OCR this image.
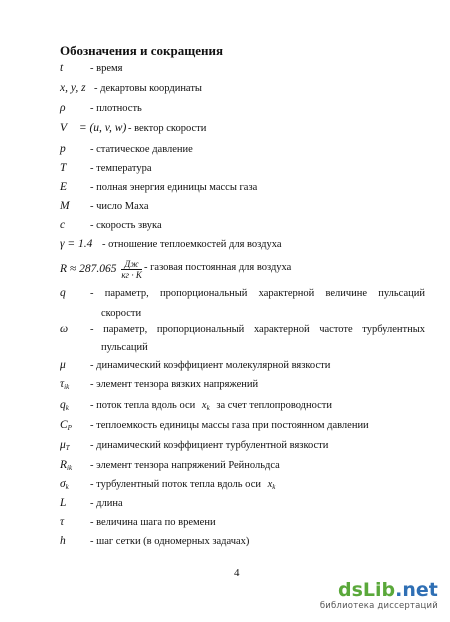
Обозначения и сокращения
t	- время
x, y, z - декартовы координаты
ρ - плотность
V⃗ = (u, v, w) - вектор скорости
p - статическое давление
T - температура
E - полная энергия единицы массы газа
M - число Маха
c - скорость звука
γ = 1.4 - отношение теплоемкостей для воздуха
$R \approx 287.065 \frac{Дж}{кг \cdot K}$ - газовая постоянная для воздуха
q - параметр, пропорциональный характерной величине пульсаций
скорости
ω - параметр, пропорциональный характерной частоте турбулентных
пульсаций
μ - динамический коэффициент молекулярной вязкости
$\tau_{ik}$ - элемент тензора вязких напряжений
$q_k$ - поток тепла вдоль оси $x_k$ за счет теплопроводности
$C_P$ - теплоемкость единицы массы газа при постоянном давлении
$\mu_T$ - динамический коэффициент турбулентной вязкости
$R_{ik}$ - элемент тензора напряжений Рейнольдса
$\sigma_k$ - турбулентный поток тепла вдоль оси $x_k$
L - длина
τ - величина шага по времени
h - шаг сетки (в одномерных задачах)
4
dsLib.net
библиотека диссертаций
